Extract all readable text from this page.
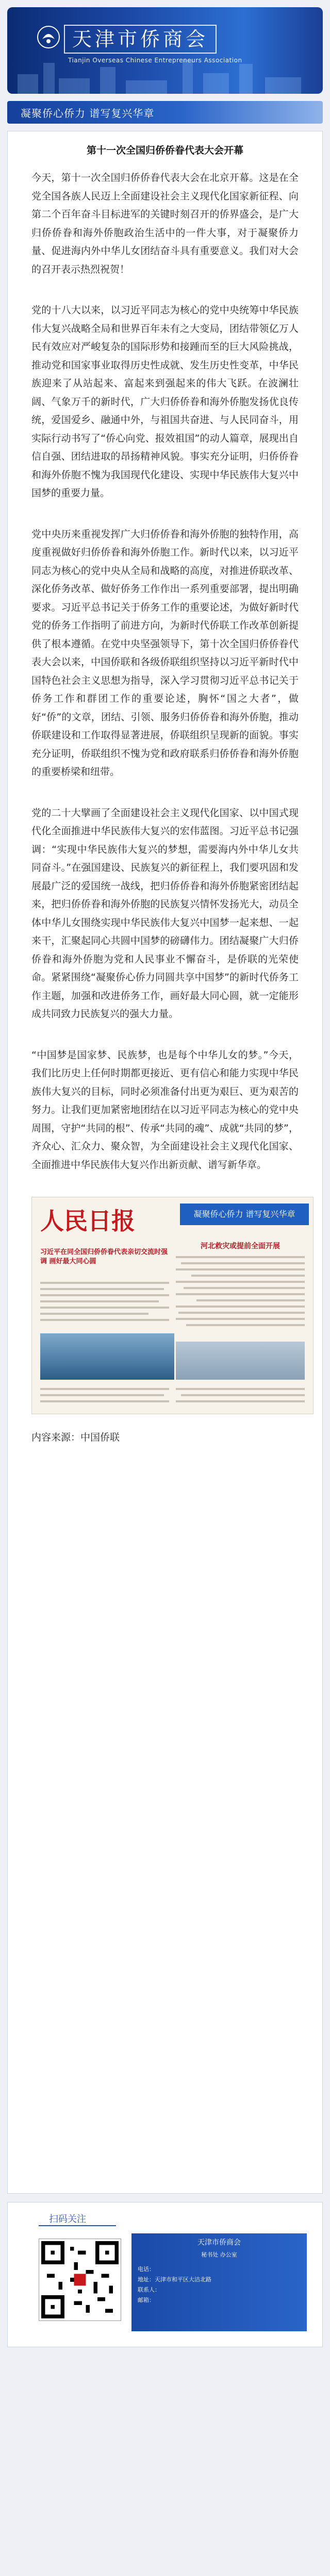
天津市侨商会
Tianjin Overseas Chinese Entrepreneurs Association
凝聚侨心侨力 谱写复兴华章
第十一次全国归侨侨眷代表大会开幕

今天，第十一次全国归侨侨眷代表大会在北京开幕。这是在全党全国各族人民迈上全面建设社会主义现代化国家新征程、向第二个百年奋斗目标进军的关键时刻召开的侨界盛会，是广大归侨侨眷和海外侨胞政治生活中的一件大事，对于凝聚侨力量、促进海内外中华儿女团结奋斗具有重要意义。我们对大会的召开表示热烈祝贺！

党的十八大以来，以习近平同志为核心的党中央统筹中华民族伟大复兴战略全局和世界百年未有之大变局，团结带领亿万人民有效应对严峻复杂的国际形势和接踵而至的巨大风险挑战，推动党和国家事业取得历史性成就、发生历史性变革，中华民族迎来了从站起来、富起来到强起来的伟大飞跃。在波澜壮阔、气象万千的新时代，广大归侨侨眷和海外侨胞发扬优良传统，爱国爱乡、融通中外，与祖国共奋进、与人民同奋斗，用实际行动书写了“侨心向党、报效祖国”的动人篇章，展现出自信自强、团结进取的昂扬精神风貌。事实充分证明，归侨侨眷和海外侨胞不愧为我国现代化建设、实现中华民族伟大复兴中国梦的重要力量。

党中央历来重视发挥广大归侨侨眷和海外侨胞的独特作用，高度重视做好归侨侨眷和海外侨胞工作。新时代以来，以习近平同志为核心的党中央从全局和战略的高度，对推进侨联改革、深化侨务改革、做好侨务工作作出一系列重要部署，提出明确要求。习近平总书记关于侨务工作的重要论述，为做好新时代党的侨务工作指明了前进方向，为新时代侨联工作改革创新提供了根本遵循。在党中央坚强领导下，第十次全国归侨侨眷代表大会以来，中国侨联和各级侨联组织坚持以习近平新时代中国特色社会主义思想为指导，深入学习贯彻习近平总书记关于侨务工作和群团工作的重要论述，胸怀“国之大者”，做好“侨”的文章，团结、引领、服务归侨侨眷和海外侨胞，推动侨联建设和工作取得显著进展，侨联组织呈现新的面貌。事实充分证明，侨联组织不愧为党和政府联系归侨侨眷和海外侨胞的重要桥梁和纽带。

党的二十大擘画了全面建设社会主义现代化国家、以中国式现代化全面推进中华民族伟大复兴的宏伟蓝图。习近平总书记强调：“实现中华民族伟大复兴的梦想，需要海内外中华儿女共同奋斗。”在强国建设、民族复兴的新征程上，我们要巩固和发展最广泛的爱国统一战线，把归侨侨眷和海外侨胞紧密团结起来，把归侨侨眷和海外侨胞的民族复兴情怀发扬光大，动员全体中华儿女围绕实现中华民族伟大复兴中国梦一起来想、一起来干，汇聚起同心共圆中国梦的磅礴伟力。团结凝聚广大归侨侨眷和海外侨胞为党和人民事业不懈奋斗，是侨联的光荣使命。紧紧围绕“凝聚侨心侨力同圆共享中国梦”的新时代侨务工作主题，加强和改进侨务工作，画好最大同心圆，就一定能形成共同致力民族复兴的强大力量。

“中国梦是国家梦、民族梦，也是每个中华儿女的梦。”今天，我们比历史上任何时期都更接近、更有信心和能力实现中华民族伟大复兴的目标，同时必须准备付出更为艰巨、更为艰苦的努力。让我们更加紧密地团结在以习近平同志为核心的党中央周围，守护“共同的根”、传承“共同的魂”、成就“共同的梦”，齐众心、汇众力、聚众智，为全面建设社会主义现代化国家、全面推进中华民族伟大复兴作出新贡献、谱写新华章。

人民日报	凝聚侨心侨力 谱写复兴华章
习近平在同全国归侨侨眷代表亲切交流时强调 画好最大同心圆
河北救灾或提前全面开展

内容来源：中国侨联

扫码关注
天津市侨商会
秘书处 办公室
电话：
地址：天津市和平区大沽北路
联系人：
邮箱：
